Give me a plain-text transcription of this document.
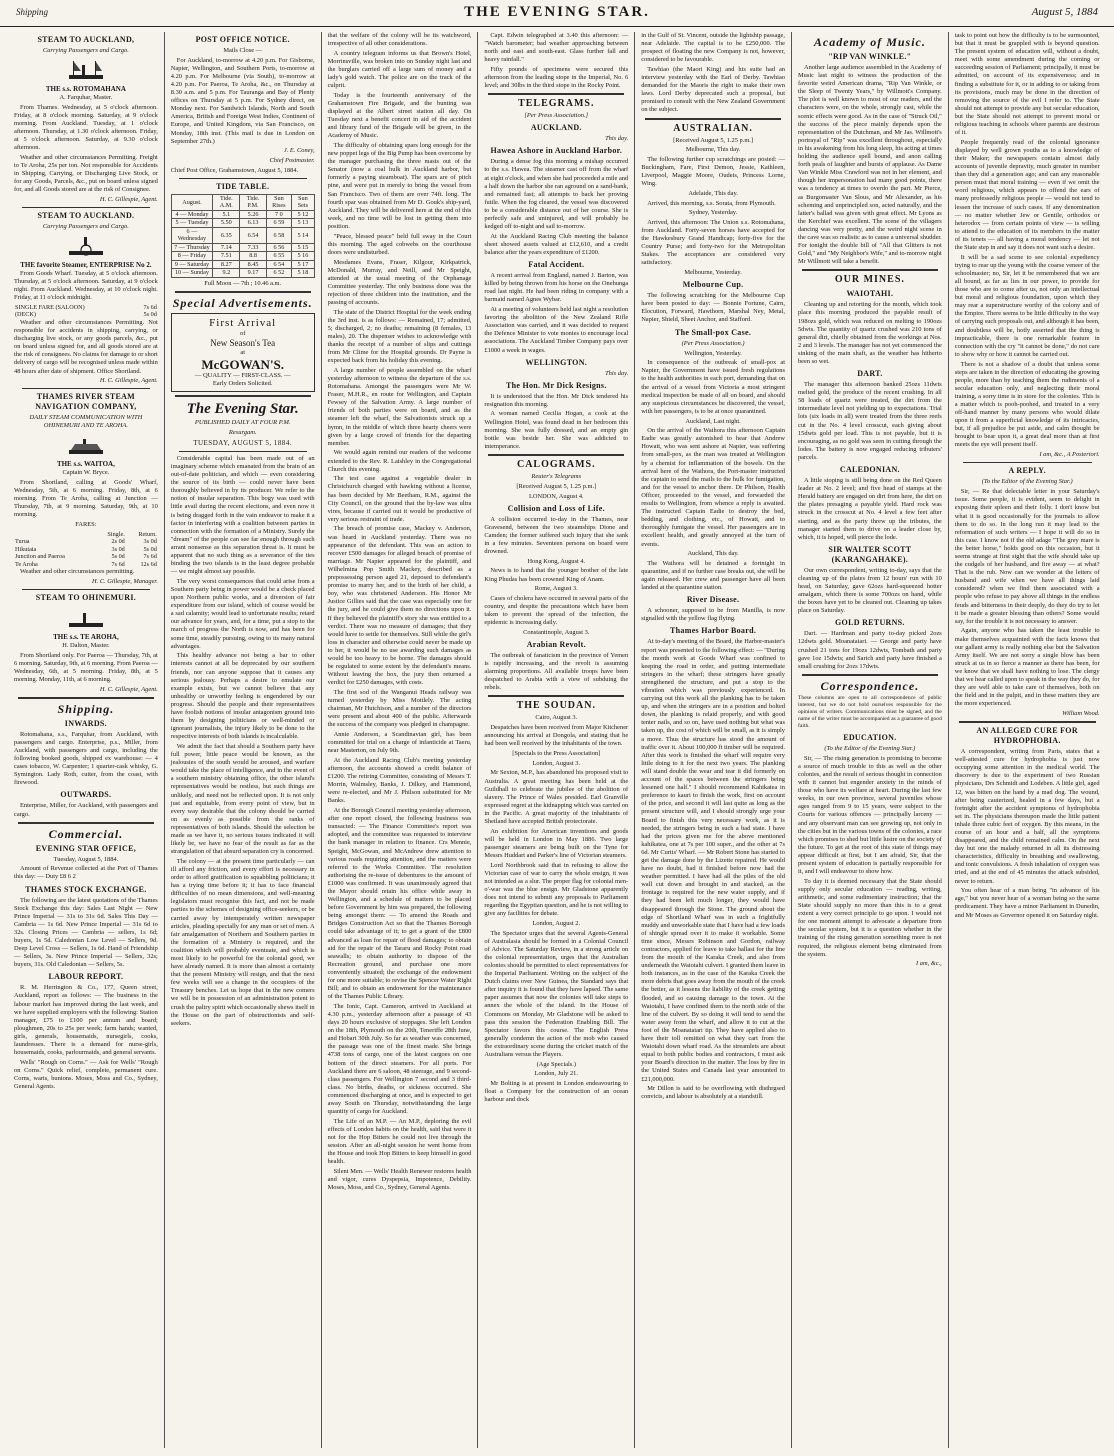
Shipping	THE EVENING STAR.	August 5, 1884
STEAM TO AUCKLAND,
Carrying Passengers and Cargo.
THE s.s. ROTOMAHANA

A. Farquhar, Master.

From Thames. Wednesday, at 5 o'clock afternoon. Friday, at 8 o'clock morning. Saturday, at 9 o'clock morning. From Auckland. Tuesday, at 1 o'clock afternoon. Thursday, at 1.30 o'clock afternoon. Friday, at 5 o'clock afternoon. Saturday, at 9.30 o'clock afternoon.

Weather and other circumstances Permitting. Freight to Te Aroha, 25s per ton. Not responsible for Accidents in Shipping, Carrying, or Discharging Live Stock, or for any Goods, Parcels, &c., put on board unless signed for, and all Goods stored are at the risk of Consignee.

H. C. Gillespie, Agent.

STEAM TO AUCKLAND.
Carrying Passengers and Cargo.
THE favorite Steamer, ENTERPRISE No 2.

From Goods Wharf. Tuesday, at 5 o'clock afternoon. Thursday, at 5 o'clock afternoon. Saturday, at 9 o'clock night. From Auckland. Wednesday, at 10 o'clock night. Friday, at 11 o'clock midnight.

SINGLE FARE (SALOON)	7s 6d
(DECK)	5s 0d

Weather and other circumstances Permitting. Not responsible for accidents in shipping, carrying, or discharging live stock, or any goods parcels, &c., put on board unless signed for, and all goods stored are at the risk of consignees. No claims for damage to or short delivery of cargo will be recognised unless made within 48 hours after date of shipment. Office Shortland.

H. C. Gillespie, Agent.

THAMES RIVER STEAM NAVIGATION COMPANY,
DAILY STEAM COMMUNICATION WITH OHINEMURI AND TE AROHA.
THE s.s. WAITOA,

Captain W. Bryce.

From Shortland, calling at Goods' Wharf, Wednesday, 5th, at 6 morning. Friday, 8th, at 6 morning. From Te Aroha, calling at Junction — Thursday, 7th, at 9 morning. Saturday, 9th, at 10 morning.

FARES:

	Single.	Return.
Turua	2s 0d	3s 0d
Hikutaia	3s 0d	5s 0d
Junction and Paeroa	5s 0d	7s 6d
Te Aroha	7s 6d	12s 6d

Weather and other circumstances permitting.

H. C. Gillespie, Manager.

STEAM TO OHINEMURI.
THE s.s. TE AROHA,

H. Dalton, Master.

From Shortland only. For Paeroa — Thursday, 7th, at 6 morning. Saturday, 9th, at 6 morning. From Paeroa — Wednesday, 6th, at 5 morning. Friday, 8th, at 5 morning. Monday, 11th, at 6 morning.

H. C. Gillespie, Agent.

Shipping.
INWARDS.

Rotomahana, s.s., Farquhar, from Auckland, with passengers and cargo. Enterprise, p.s., Miller, from Auckland, with passengers and cargo, including the following booked goods, shipped ex warehouse: — 4 cases tobacco, W. Carpenter; 1 quarter-cask whisky, G. Symington. Lady Roth, cutter, from the coast, with firewood.

OUTWARDS.

Enterprise, Miller, for Auckland, with passengers and cargo.

Commercial.
EVENING STAR OFFICE,

Tuesday, August 5, 1884.

Amount of Revenue collected at the Port of Thames this day: — Duty £8 6 2

THAMES STOCK EXCHANGE.

The following are the latest quotations of the Thames Stock Exchange this day: Sales Last Night — New Prince Imperial — 31s to 31s 6d. Sales This Day — Cambria — 1s 6d. New Prince Imperial — 31s 6d to 32s. Closing Prices — Cambria — sellers, 1s 6d; buyers, 1s 5d. Caledonian Low Level — Sellers, 9d. Deep Level Cross — Sellers, 1s 6d. Hand of Friendship — Sellers, 3s. New Prince Imperial — Sellers, 32s; buyers, 31s. Old Caledonian — Sellers, 5s.

LABOUR REPORT.

R. M. Herrington & Co., 177, Queen street, Auckland, report as follows: — The business in the labour market has improved during the last week, and we have supplied employers with the following: Station manager, £75 to £100 per annum and board; ploughmen, 20s to 25s per week; farm hands; wanted, girls, generals, housemaids, nursegirls, cooks, laundresses. There is a demand for nurse-girls, housemaids, cooks, parlourmaids, and general servants.

Wells' "Rough on Corns." — Ask for Wells' "Rough on Corns." Quick relief, complete, permanent cure. Corns, warts, bunions. Moses, Moss and Co., Sydney, General Agents.

POST OFFICE NOTICE.

Mails Close —

For Auckland, to-morrow at 4.20 p.m. For Gisborne, Napier, Wellington, and Southern Ports, to-morrow at 4.20 p.m. For Melbourne (via South), to-morrow at 4.20 p.m. For Paeroa, Te Aroha, &c., on Thursday at 8.30 a.m. and 5 p.m. For Tauranga and Bay of Plenty offices on Thursday at 5 p.m. For Sydney direct, on Monday next. For Sandwich Islands, North and South America, British and Foreign West Indies, Continent of Europe, and United Kingdom, via San Francisco, on Monday, 18th inst. (This mail is due in London on September 27th.)

J. E. Coney,

Chief Postmaster.

Chief Post Office, Grahamstown, August 5, 1884.

TIDE TABLE.
August.	Tide. A.M.	Tide. P.M.	Sun Rises	Sun Sets
4 — Monday	5.1	5.26	7 0	5 12
5 — Tuesday	5.50	6.13	6 59	5 13
6 — Wednesday	6.35	6.54	6 58	5 14
7 — Thursday	7.14	7.33	6 56	5 15
8 — Friday	7.51	8.8	6 55	5 16
9 — Saturday	8.27	8.45	6 54	5 17
10 — Sunday	9.2	9.17	6 52	5 18

Full Moon — 7th ; 10.46 a.m.

Special Advertisements.
First Arrival
of
New Season's Tea
at
McGOWAN'S.
— QUALITY — FIRST-CLASS. —
Early Orders Solicited.
The Evening Star.
PUBLISHED DAILY AT FOUR P.M.
Resurgam.
TUESDAY, AUGUST 5, 1884.

Considerable capital has been made out of an imaginary scheme which emanated from the brain of an out-of-date politician, and which — even considering the source of its birth — could never have been thoroughly believed in by its producer. We refer to the notion of insular separation. This bogy was used with little avail during the recent elections, and even now it is being dragged forth in the vain endeavor to make it a factor in interfering with a coalition between parties in connection with the formation of a Ministry. Surely the "dream" of the people can see far enough through such arrant nonsense as this separation threat is. It must be apparent that no such thing as a severance of the ties binding the two islands is in the least degree probable — we might almost say possible.

The very worst consequences that could arise from a Southern party being in power would be a check placed upon Northern public works, and a diversion of fair expenditure from our island, which of course would be a sad calamity; would lead to unfortunate results; retard our advance for years, and, for a time, put a stop to the march of progress the North is now, and has been for some time, steadily pursuing, owing to its many natural advantages.

This healthy advance not being a bar to other interests cannot at all be deprecated by our southern friends, nor can anyone suppose that it causes any serious jealousy. Perhaps a desire to emulate our example exists, but we cannot believe that any unhealthy or unworthy feeling is engendered by our progress. Should the people and their representatives have foolish notions of insular antagonism ground into them by designing politicians or well-minded or ignorant journalists, the injury likely to be done to the respective interests of both islands is incalculable.

We admit the fact that should a Southern party have full power, little peace would be known, as the jealousies of the south would be aroused, and warfare would take the place of intelligence, and in the event of a southern ministry obtaining office, the other island's representatives would be restless, but such things are unlikely, and need not be reflected upon. It is not only just and equitable, from every point of view, but in every way desirable that the colony should be carried on as evenly as possible from the ranks of representatives of both islands. Should the selection be made as we have it, no serious issues indicated it will likely be, we have no fear of the result as far as the strangulation of that absurd separation cry is concerned.

The colony — at the present time particularly — can ill afford any friction, and every effort is necessary in order to afford gratification to squabbling politicians; it has a trying time before it; it has to face financial difficulties of no mean dimensions, and well-meaning legislators must recognise this fact, and not be made parties to the schemes of designing office-seekers, or be carried away by intemperately written newspaper articles, pleading specially for any man or set of men. A fair amalgamation of Northern and Southern parties in the formation of a Ministry is required, and the coalition which will probably eventuate, and which is most likely to be powerful for the colonial good, we have already named. It is more than almost a certainty that the present Ministry will resign, and that the next few weeks will see a change in the occupiers of the Treasury benches. Let us hope that in the new comers we will be in possession of an administration potent to crush the paltry spirit which occasionally shews itself in the House on the part of obstructionists and self-seekers.

that the welfare of the colony will be its watchword, irrespective of all other considerations.

A country telegram informs us that Brown's Hotel, Morrinsville, was broken into on Sunday night last and the burglars carried off a large sum of money and a lady's gold watch. The police are on the track of the culprit.

Today is the fourteenth anniversary of the Grahamstown Fire Brigade, and the bunting was displayed at the Albert street station all day. On Tuesday next a benefit concert in aid of the accident and library fund of the Brigade will be given, in the Academy of Music.

The difficulty of obtaining spars long enough for the new poppet legs of the Big Pump has been overcome by the manager purchasing the three masts out of the Senator (now a coal hulk in Auckland harbor, but formerly a paying steamboat). The spars are of pitch pine, and were put in merely to bring the vessel from San Francisco. Two of them are over 74ft. long. The fourth spar was obtained from Mr D. Gouk's ship-yard, Auckland. They will be delivered here at the end of this week, and no time will be lost in getting them into position.

"Peace, blessed peace" held full sway in the Court this morning. The aged cobwebs on the courthouse doors were undisturbed.

Mesdames Evans, Fraser, Kilgour, Kirkpatrick, McDonald, Murray, and Neill, and Mr Speight, attended at the usual meeting of the Orphanage Committee yesterday. The only business done was the rejection of three children into the institution, and the passing of accounts.

The state of the District Hospital for the week ending the 3rd inst. is as follows: — Remained, 17; admitted, 5; discharged, 2; no deaths; remaining (8 females, 13 males), 20. The dispenser wishes to acknowledge with thanks the receipt of a number of slips and cuttings from Mr Clime for the Hospital grounds. Dr Payne is expected back from his holiday this evening.

A large number of people assembled on the wharf yesterday afternoon to witness the departure of the s.s. Rotomahana. Amongst the passengers were Mr W. Fraser, M.H.R., en route for Wellington, and Captain Fewsey of the Salvation Army. A large number of friends of both parties were on board, and as the steamer left the wharf, the Salvationists struck up a hymn, in the middle of which three hearty cheers were given by a large crowd of friends for the departing member.

We would again remind our readers of the welcome extended to the Rev. R. Laishley in the Congregational Church this evening.

The test case against a vegetable dealer in Christchurch charged with hawking without a license, has been decided by Mr Beetham, R.M., against the City Council, on the ground that the by-law was ultra vires, because if carried out it would be productive of very serious restraint of trade.

The breach of promise case, Mackey v. Anderson, was heard in Auckland yesterday. There was no appearance of the defendant. This was an action to recover £500 damages for alleged breach of promise of marriage. Mr Napier appeared for the plaintiff, and Wilhelmina Pop Smith Mackey, described as a prepossessing person aged 21, deposed to defendant's promise to marry her, and to the birth of her child, a boy, who was christened Anderson. His Honor Mr Justice Gillies said that the case was especially one for the jury, and he could give them no directions upon it. If they believed the plaintiff's story she was entitled to a verdict. There was no measure of damages; that they would have to settle for themselves. Still while the girl's loss in character and otherwise could never be made up to her, it would be no use awarding such damages as would be too heavy to be borne. The damages should be regulated to some extent by the defendant's means. Without leaving the box, the jury then returned a verdict for £250 damages, with costs.

The first sod of the Wanganui Heads railway was turned yesterday by Miss Mottlely. The acting chairman, Mr Hutchison, and a number of the directors were present and about 400 of the public. Afterwards the success of the company was pledged in champagne.

Annie Anderson, a Scandinavian girl, has been committed for trial on a charge of infanticide at Taeru, near Masterton, on July 9th.

At the Auckland Racing Club's meeting yesterday afternoon, the accounts showed a credit balance of £1200. The retiring Committee, consisting of Messrs T. Morrin, Walmsley, Banks, J. Dilkey, and Hammond, were re-elected, and Mr J. Philson substituted for Mr Banks.

At the Borough Council meeting yesterday afternoon, after one report closed, the following business was transacted: — The Finance Committee's report was adopted, and the committee was requested to interview the bank manager in relation to finance. Crs Mennie, Speight, McGowan, and McAndrew drew attention to various roads requiring attention, and the matters were referred to the Works Committee. The resolution authorising the re-issue of debentures to the amount of £1000 was confirmed. It was unanimously agreed that the Mayor should retain his office while away in Wellington, and a schedule of matters to be placed before Government by him was prepared, the following being amongst them: — To amend the Roads and Bridges Construction Act so that the Thames Borough could take advantage of it; to get a grant of the £800 advanced as loan for repair of flood damages; to obtain aid for the repair of the Tararu and Rocky Point road seawalls; to obtain authority to dispose of the Recreation ground, and purchase one more conveniently situated; the exchange of the endowment for one more suitable; to revise the Spencer Water Right Bill; and to obtain an endowment for the maintenance of the Thames Public Library.

The Ionic, Capt. Cameron, arrived in Auckland at 4.30 p.m., yesterday afternoon after a passage of 43 days 20 hours exclusive of stoppages. She left London on the 18th, Plymouth on the 20th, Teneriffe 28th June, and Hobart 30th July. So far as weather was concerned, the passage was one of the finest made. She brings 4738 tons of cargo, one of the latest cargoes on one bottom of the direct steamers. For all ports. For Auckland there are 6 saloon, 48 steerage, and 9 second-class passengers. For Wellington 7 second and 3 third-class. No births, deaths, or sickness occurred. She commenced discharging at once, and is expected to get away South on Thursday, notwithstanding the large quantity of cargo for Auckland.

The Life of an M.P. — An M.P., deploring the evil effects of London habits on the health, said that were it not for the Hop Bitters he could not live through the session. After an all-night session he went home from the House and took Hop Bitters to keep himself in good health.

Silent Men. — Wells' Health Renewer restores health and vigor, cures Dyspepsia, Impotence, Debility. Moses, Moss, and Co., Sydney, General Agents.

Capt. Edwin telegraphed at 3.40 this afternoon: — "Watch barometer; bad weather approaching between north and east and south-east. Glass further fall and heavy rainfall."

Fifty pounds of specimens were secured this afternoon from the leading stope in the Imperial, No. 6 level; and 30lbs in the third stope in the Rocky Point.

TELEGRAMS.
[Per Press Association.]
AUCKLAND.

This day.

Hawea Ashore in Auckland Harbor.

During a dense fog this morning a mishap occurred to the s.s. Hawea. The steamer cast off from the wharf at eight o'clock, and when she had proceeded a mile and a half down the harbor she ran aground on a sand-bank, and remained fast; all attempts to back her proving futile. When the fog cleared, the vessel was discovered to be a considerable distance out of her course. She is perfectly safe and uninjured, and will probably be kedged off to-night and sail to-morrow.

At the Auckland Racing Club meeting the balance sheet showed assets valued at £12,610, and a credit balance after the years expenditure of £1200.

Fatal Accident.

A recent arrival from England, named J. Barton, was killed by being thrown from his horse on the Onehunga road last night. He had been riding in company with a barmaid named Agnes Wybar.

At a meeting of volunteers held last night a resolution favoring the abolition of the New Zealand Rifle Association was carried, and it was decided to request the Defence Minister to vote monies to encourage local associations. The Auckland Timber Company pays over £1000 a week in wages.

WELLINGTON.

This day.

The Hon. Mr Dick Resigns.

It is understood that the Hon. Mr Dick tendered his resignation this morning.

A woman named Cecilia Hogan, a cook at the Wellington Hotel, was found dead in her bedroom this morning. She was fully dressed, and an empty gin bottle was beside her. She was addicted to intemperance.

CALOGRAMS.
Reuter's Telegrams

[Received August 5, 1.25 p.m.]

LONDON, August 4.

Collision and Loss of Life.

A collision occurred to-day in the Thames, near Gravesend, between the two steamships Dione and Camden; the former suffered such injury that she sank in a few minutes. Seventeen persons on board were drowned.

Hong Kong, August 4.

News is to hand that the younger brother of the late King Phudas has been crowned King of Anam.

Rome, August 3.

Cases of cholera have occurred in several parts of the country, and despite the precautions which have been taken to prevent the spread of the infection, the epidemic is increasing daily.

Constantinople, August 3.

Arabian Revolt.

The outbreak of fanaticism in the province of Yemen is rapidly increasing, and the revolt is assuming alarming proportions. All available troops have been despatched to Arabia with a view of subduing the rebels.

THE SOUDAN.

Cairo, August 3.

Despatches have been received from Major Kitchener announcing his arrival at Dongola, and stating that he had been well received by the inhabitants of the town.

[Specials to the Press Association]

London, August 3.

Mr Sexton, M.P., has abandoned his proposed visit to Australia. A great meeting has been held at the Guildhall to celebrate the jubilee of the abolition of slavery. The Prince of Wales presided. Earl Granville expressed regret at the kidnapping which was carried on in the Pacific. A great majority of the inhabitants of Shetland have accepted British protectorate.

An exhibition for American inventions and goods will be held in London in May 1886. Two large passenger steamers are being built on the Tyne for Messrs Huddart and Parker's line of Victorian steamers.

Lord Northbrook said that in refusing to allow the Victorian case of war to carry the whole ensign, it was not intended as a slur. The proper flag for colonial men-o'-war was the blue ensign. Mr Gladstone apparently does not intend to submit any proposals to Parliament regarding the Egyptian question, and he is not willing to give any facilities for debate.

London, August 2.

The Spectator urges that the several Agents-General of Australasia should be formed in a Colonial Council of Advice. The Saturday Review, in a strong article on the colonial representation, urges that the Australian colonies should be permitted to elect representatives for the Imperial Parliament. Writing on the subject of the Dutch claims over New Guinea, the Standard says that after inquiry it is found that they have lapsed. The same paper assumes that now the colonies will take steps to annex the whole of the island. In the House of Commons on Monday, Mr Gladstone will be asked to pass this session the Federation Enabling Bill. The Spectator favors this course. The English Press generally condemn the action of the mob who caused the extraordinary scene during the cricket match of the Australians versus the Players.

(Age Specials.)

London, July 21.

Mr Bolting is at present in London endeavouring to float a Company for the construction of an ocean harbour and dock

in the Gulf of St. Vincent, outside the lightship passage, near Adelaide. The capital is to be £250,000. The prospect of floating the new Company is not, however, considered to be favourable.

Tawhiao (the Maori King) and his suite had an interview yesterday with the Earl of Derby. Tawhiao demanded for the Maoris the right to make their own laws. Lord Derby deprecated such a proposal, but promised to consult with the New Zealand Government on the subject.

AUSTRALIAN.

[Received August 5, 1.25 p.m.]

Melbourne, This day.

The following further cup scratchings are posted: — Buckingham, Fare, First Demon, Jessie, Kathleen, Liverpool, Maggie Moore, Oudeis, Princess Lorne, Wing.

Adelaide, This day.

Arrived, this morning, s.s. Sorata, from Plymouth.

Sydney, Yesterday.

Arrived, this afternoon: The Union s.s. Rotomahana, from Auckland. Forty-seven horses have accepted for the Hawkesbury Grand Handicap; forty-five for the Country Purse; and forty-two for the Metropolitan Stakes. The acceptances are considered very satisfactory.

Melbourne, Yesterday.

Melbourne Cup.

The following scratching for the Melbourne Cup have been posted to day: — Bonnie Fortune, Cairn, Elocution, Forward, Hawthorn, Marshal Ney, Metal, Napier, Shield, Sheet Anchor, and Stafford.

The Small-pox Case.
(Per Press Association.)

Wellington, Yesterday.

In consequence of the outbreak of small-pox at Napier, the Government have issued fresh regulations to the health authorities in each port, demanding that on the arrival of a vessel from Victoria a most stringent medical inspection be made of all on board, and should any suspicious circumstances be discovered, the vessel, with her passengers, is to be at once quarantined.

Auckland, Last night.

On the arrival of the Waihora this afternoon Captain Eadie was greatly astonished to hear that Andrew Howatt, who was sent ashore at Napier, was suffering from small-pox, as the man was treated at Wellington by a chemist for inflammation of the bowels. On the arrival here of the Waihora, the Port-master instructed the captain to send the mails to the hulk for fumigation, and for the vessel to anchor there. Dr Philson, Health Officer, proceeded to the vessel, and forwarded the results to Wellington, from whence a reply is awaited. The instructed Captain Eadie to destroy the bed, bedding, and clothing, etc., of Howatt, and to thoroughly fumigate the vessel. Her passengers are in excellent health, and greatly annoyed at the turn of events.

Auckland, This day.

The Waihora will be detained a fortnight in quarantine, and if no further case breaks out, she will be again released. Her crew and passenger have all been landed at the quarantine station.

River Disease.

A schooner, supposed to be from Manilla, is now signalled with the yellow flag flying.

Thames Harbor Board.

At to-day's meeting of the Board, the Harbor-master's report was presented to the following effect: — "During the month work at Goods Wharf was confined to keeping the road in order, and putting intermediate stringers in the wharf; these stringers have greatly strengthened the structure, and put a stop to the vibration which was previously experienced. In carrying out this work all the planking has to be taken up, and when the stringers are in a position and bolted down, the planking is relaid properly, and with good tenter nails, and so on, have used nothing but what was taken up, the cost of which will be small, as it is simply a move. Thus the structure has stood the amount of traffic over it. About 100,000 ft timber will be required. After this work is finished the wharf will require very little doing to it for the next two years. The planking will stand double the wear and tear it did formerly on account of the spaces between the stringers being lessened one half." I should recommend Kahikatea in preference to kauri to finish the work, first on account of the price, and second it will last quite as long as the present structure will, and I should strongly urge your Board to finish this very necessary work, as it is needed, the stringers being in such a bad state. I have had the prices given me for the above mentioned kahikatea, one at 7s per 100 super., and the other at 7s 6d. Mr Curtis' Wharf. — Mr Robert Stone has started to get the damage done by the Lizette repaired. He would have no doubt, had it finished before now had the weather permitted. I have had all the piles of the old wall cut down and brought in and stacked, as the frontage is required for the new water supply, and if they had been left much longer, they would have disappeared through the Stone. The ground about the edge of Shortland Wharf was in such a frightfully muddy and unworkable state that I have had a few loads of shingle spread over it to make it workable. Some time since, Messrs Robinson and Gordon, railway contractors, applied for leave to take ballast for the line from the mouth of the Karaka Creek, and also from underneath the Waiotahi culvert. I granted them leave in both instances, as in the case of the Karaka Creek the more debris that goes away from the mouth of the creek the better, as it lessens the liability of the creek getting flooded, and so causing damage to the town. At the Waiotahi, I have confined them to the north side of the line of the culvert. By so doing it will tend to send the water away from the wharf, and allow it to cut at the foot of the Moanataiari tip. They have applied also to have their toll remitted on what they cart from the Waiotahi down wharf road. As the streamlets are about equal to both public bodies and contractors, I must ask your Board's direction in the matter. The loss by fire in the United States and Canada last year amounted to £21,000,000.

Mr Dillon is said to be overflowing with disthrgsed convicts, and labour is absolutely at a standstill.

Academy of Music.
"RIP VAN WINKLE."

Another large audience assembled in the Academy of Music last night to witness the production of the favorite weird American drama, "Rip Van Winkle, or the Sleep of Twenty Years," by Willmott's Company. The plot is well known to most of our readers, and the characters were, on the whole, strongly cast, while the scenic effects were good. As in the case of "Struck Oil," the success of the piece mainly depends upon the representation of the Dutchman, and Mr Jas. Willmott's portrayal of "Rip" was excellent throughout, especially in his awakening from his long sleep, his acting at times holding the audience spell bound, and anon calling forth peals of laughter and bursts of applause. As Dame Van Winkle Miss Crawford was not in her element, and though her impersonation had many good points, there was a tendency at times to overdo the part. Mr Pierce, as Burgomaster Van Slous, and Mr Alexander, as his scheming and unprincipled son, acted naturally, and the latter's ballad was given with great effect. Mr Lyons as the Kerchief was excellent. The scene of the villagers dancing was very pretty, and the weird night scene in the cave was so realistic as to cause a universal shudder. For tonight the double bill of "All that Glitters is not Gold," and "My Neighbor's Wife," and to-morrow night Mr Willmott will take a benefit.

OUR MINES.
WAIOTAHI.

Cleaning up and retorting for the month, which took place this morning produced the payable result of 198ozs gold, which was reduced on melting to 190ozs 5dwts. The quantity of quartz crushed was 210 tons of general dirt, chiefly obtained from the workings at Nos. 2 and 3 levels. The manager has not yet commenced the sinking of the main shaft, as the weather has hitherto been so wet.

DART.

The manager this afternoon banked 25ozs 11dwts melted gold, the produce of the recent crushing. In all 58 loads of quartz were treated, the dirt from the intermediate level not yielding up to expectations. Trial lots (six loads in all) were treated from the three reefs cut in the No. 4 level crosscut, each giving about 15dwts gold per load. This is not payable, but it is encouraging, as no gold was seen in cutting through the lodes. The battery is now engaged reducing tributers' parcels.

CALEDONIAN.

A little stoping is still being done on the Red Queen leader at No. 2 level; and five head of stamps at the Herald battery are engaged on dirt from here, the dirt on the plates presaging a payable yield. Hard rock was struck in the crosscut at No. 4 level a few feet after starting, and as the party threw up the tributes, the manager started them to drive on a leader close by, which, it is hoped, will pierce the lode.

SIR WALTER SCOTT (KARANGAHAKE).

Our own correspondent, writing to-day, says that the cleaning up of the plates from 12 hours' run with 10 head, on Saturday, gave 62ozs hard-squeezed hotter amalgam, which there is some 700ozs on hand, while the boxes have yet to be cleaned out. Cleaning up takes place on Saturday.

GOLD RETURNS.

Dart. — Hardman and party to-day picked 2ozs 12dwts gold. Moanataiari. — George and party have crushed 21 tons for 19ozs 12dwts, Tombath and party gave 1oz 15dwts; and Sarich and party have finished a small crushing for 2ozs 17dwts.

Correspondence.

These columns are open to all correspondence of public interest, but we do not hold ourselves responsible for the opinions of writers. Communications must be signed, and the name of the writer must be accompanied as a guarantee of good faith.

EDUCATION.
(To the Editor of the Evening Star.)

Sir, — The rising generation is promising to become a source of much trouble to this as well as the other colonies, and the result of serious thought in connection with it cannot but engender anxiety in the minds of those who have its welfare at heart. During the last few weeks, in our own province, several juveniles whose ages ranged from 9 to 15 years, were subject to the Courts for various offences — principally larceny — and any observant man can see growing up, not only in the cities but in the various towns of the colonies, a race which promises to shed but little lustre on the society of the future. To get at the root of this state of things may appear difficult at first, but I am afraid, Sir, that the present system of education is partially responsible for it, and I will endeavour to show how.

To day it is deemed necessary that the State should supply only secular education — reading, writing, arithmetic, and some rudimentary instruction; that the State should supply no more than this is to a great extent a very correct principle to go upon. I would not for one moment attempt to advocate a departure from the secular system, but it is a question whether in the training of the rising generation something more is not required, the religious element being eliminated from the system.

I am, &c.,

task to point out how the difficulty is to be surmounted, but that it must be grappled with is beyond question. The present system of education will, without a doubt, meet with some amendment during the coming or succeeding session of Parliament; principally, it must be admitted, on account of its expensiveness; and in finding a substitute for it, or in adding to or taking from its provisions, much may be done in the direction of removing the source of the evil I refer to. The State should not attempt to provide any but secular education, but the State should not attempt to prevent moral or religious teaching in schools where parents are desirous of it.

People frequently read of the colonial ignorance displayed by well grown youths as to a knowledge of their Maker; the newspapers contain almost daily accounts of juvenile depravity, much greater in number than they did a generation ago; and can any reasonable person must that moral training — even if we omit the word religious, which appears to offend the ears of many professedly religious people — would not tend to lessen the increase of such cases. If any denomination — no matter whether Jew or Gentile, orthodox or heterodox — from certain points of view — is willing to attend to the education of its members in the matter of its tenets — all having a moral tendency — let not the State step in and say it does not want such a desire.

It will be a sad scene to see colonial expediency trying to rear up the young with the coarse veneer of the schoolmaster; no, Sir, let it be remembered that we are all bound, as far as lies in our power, to provide for those who are to come after us, not only an intellectual but moral and religious foundation, upon which they may rear a superstructure worthy of the colony and of the Empire. There seems to be little difficulty in the way of carrying such proposals out, and although it has been, and doubtless will be, hotly asserted that the thing is impracticable, there is one remarkable feature in connection with the cry "it cannot be done," do not care to show why or how it cannot be carried out.

There is not a shadow of a doubt that unless some steps are taken in the direction of educating the growing people, more than by teaching them the rudiments of a secular education only, and neglecting their moral training, a sorry time is in store for the colonies. This is a matter which is pooh-poohed, and treated in a very off-hand manner by many persons who would dilate upon it from a superficial knowledge of its intricacies, but, if all prejudice be put aside, and calm thought be brought to bear upon it, a great deal more than at first meets the eye will present itself.

I am, &c., A Posteriori.

A REPLY.
(To the Editor of the Evening Star.)

Sir, — Re that delectable letter in your Saturday's issue. Some people, it is evident, seem to delight in exposing their spleen and their folly. I don't know but what it is good occasionally for the journals to allow them to do so. In the long run it may lead to the reformation of such writers — I hope it will do so in this case. I know not if the old adage "The grey mare is the better horse," holds good on this occasion, but it seems strange at first sight that the wife should take up the cudgels of her husband, and fire away — at what? That is the rub. Now can we wonder at the letters of husband and wife when we have all things laid considered? when we find them associated with a people who refuse to pay above all things in the endless feuds and bitterness in their deeply, do they do try to let it be made a greater blessing than others? Some would say, for the trouble it is not necessary to answer.

Again, anyone who has taken the least trouble to make themselves acquainted with the facts knows that our gallant army is really nothing else but the Salvation Army itself. We are not sorry a single blow has been struck at us in so fierce a manner as there has been, for we know that we shall have nothing to lose. The clergy that we hear called upon to speak in the way they do, for they are well able to take care of themselves, both on the field and in the pulpit, and in these matters they are the more experienced.

William Wood.

AN ALLEGED CURE FOR HYDROPHOBIA.

A correspondent, writing from Paris, states that a well-attested cure for hydrophobia is just now occupying some attention in the medical world. The discovery is due to the experiment of two Russian physicians, Drs Schmidt and Lodeben. A little girl, aged 12, was bitten on the hand by a mad dog. The wound, after being cauterized, healed in a few days, but a fortnight after the accident symptoms of hydrophobia set in. The physicians thereupon made the little patient inhale three cubic feet of oxygen. By this means, in the course of an hour and a half, all the symptoms disappeared, and the child remained calm. On the next day but one the malady returned in all its distressing characteristics, difficulty in breathing and swallowing, and tonic convulsions. A fresh inhalation of oxygen was tried, and at the end of 45 minutes the attack subsided, never to return.

You often hear of a man being "in advance of his age," but you never hear of a woman being so the same predicament. They have a minor Parliament in Dunedin, and Mr Moses as Governor opened it on Saturday night.
